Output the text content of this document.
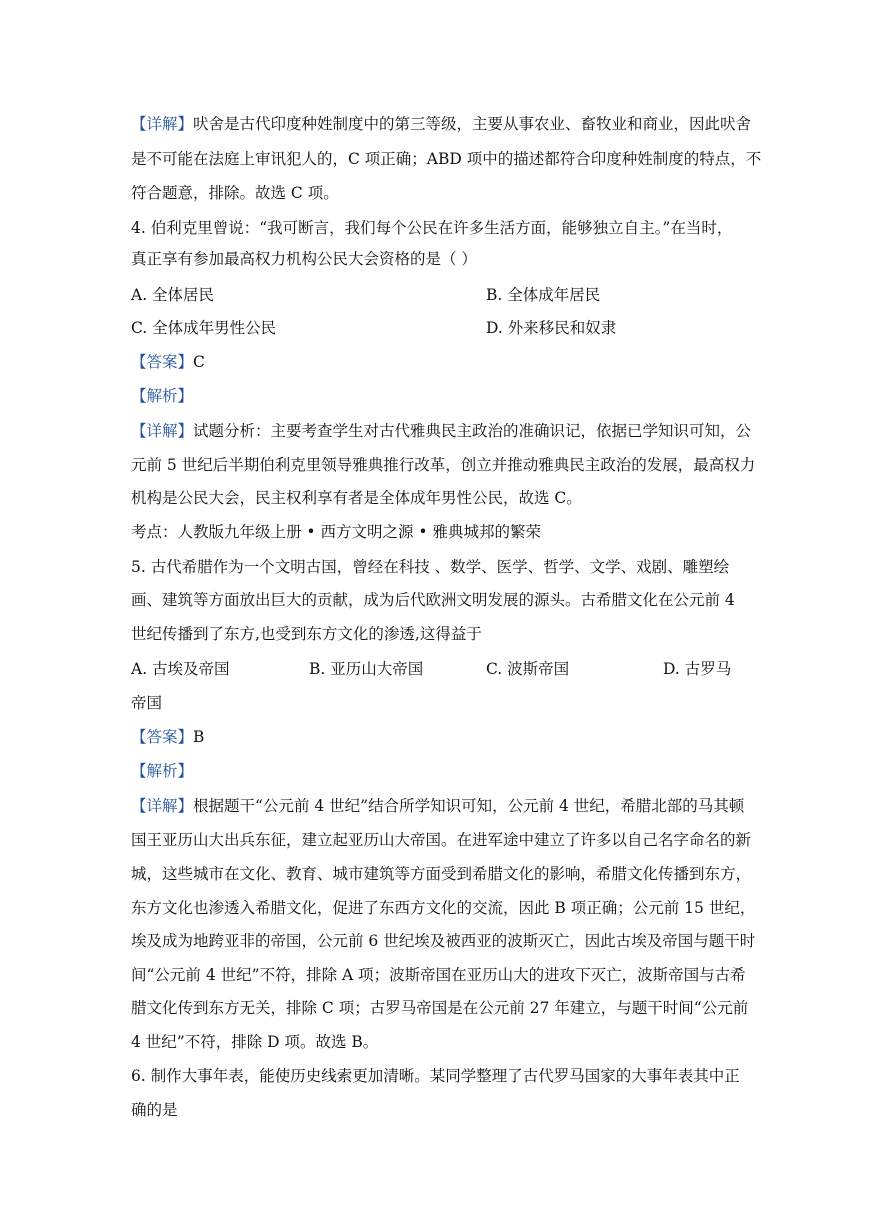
【详解】吠舍是古代印度种姓制度中的第三等级，主要从事农业、畜牧业和商业，因此吠舍
是不可能在法庭上审讯犯人的，C 项正确；ABD 项中的描述都符合印度种姓制度的特点，不
符合题意，排除。故选 C 项。
4. 伯利克里曾说：“我可断言，我们每个公民在许多生活方面，能够独立自主。”在当时，
真正享有参加最高权力机构公民大会资格的是（ ）
A. 全体居民	B. 全体成年居民
C. 全体成年男性公民	D. 外来移民和奴隶
【答案】C
【解析】
【详解】试题分析：主要考查学生对古代雅典民主政治的准确识记，依据已学知识可知，公
元前 5 世纪后半期伯利克里领导雅典推行改革，创立并推动雅典民主政治的发展，最高权力
机构是公民大会，民主权利享有者是全体成年男性公民，故选 C。
考点：人教版九年级上册 • 西方文明之源 • 雅典城邦的繁荣
5. 古代希腊作为一个文明古国，曾经在科技 、数学、医学、哲学、文学、戏剧、雕塑绘
画、建筑等方面放出巨大的贡献，成为后代欧洲文明发展的源头。古希腊文化在公元前 4
世纪传播到了东方,也受到东方文化的渗透,这得益于
A. 古埃及帝国	B. 亚历山大帝国	C. 波斯帝国	D. 古罗马
帝国
【答案】B
【解析】
【详解】根据题干“公元前 4 世纪”结合所学知识可知，公元前 4 世纪，希腊北部的马其顿
国王亚历山大出兵东征，建立起亚历山大帝国。在进军途中建立了许多以自己名字命名的新
城，这些城市在文化、教育、城市建筑等方面受到希腊文化的影响，希腊文化传播到东方，
东方文化也渗透入希腊文化，促进了东西方文化的交流，因此 B 项正确；公元前 15 世纪，
埃及成为地跨亚非的帝国，公元前 6 世纪埃及被西亚的波斯灭亡，因此古埃及帝国与题干时
间“公元前 4 世纪”不符，排除 A 项；波斯帝国在亚历山大的进攻下灭亡，波斯帝国与古希
腊文化传到东方无关，排除 C 项；古罗马帝国是在公元前 27 年建立，与题干时间“公元前
4 世纪”不符，排除 D 项。故选 B。
6. 制作大事年表，能使历史线索更加清晰。某同学整理了古代罗马国家的大事年表其中正
确的是
